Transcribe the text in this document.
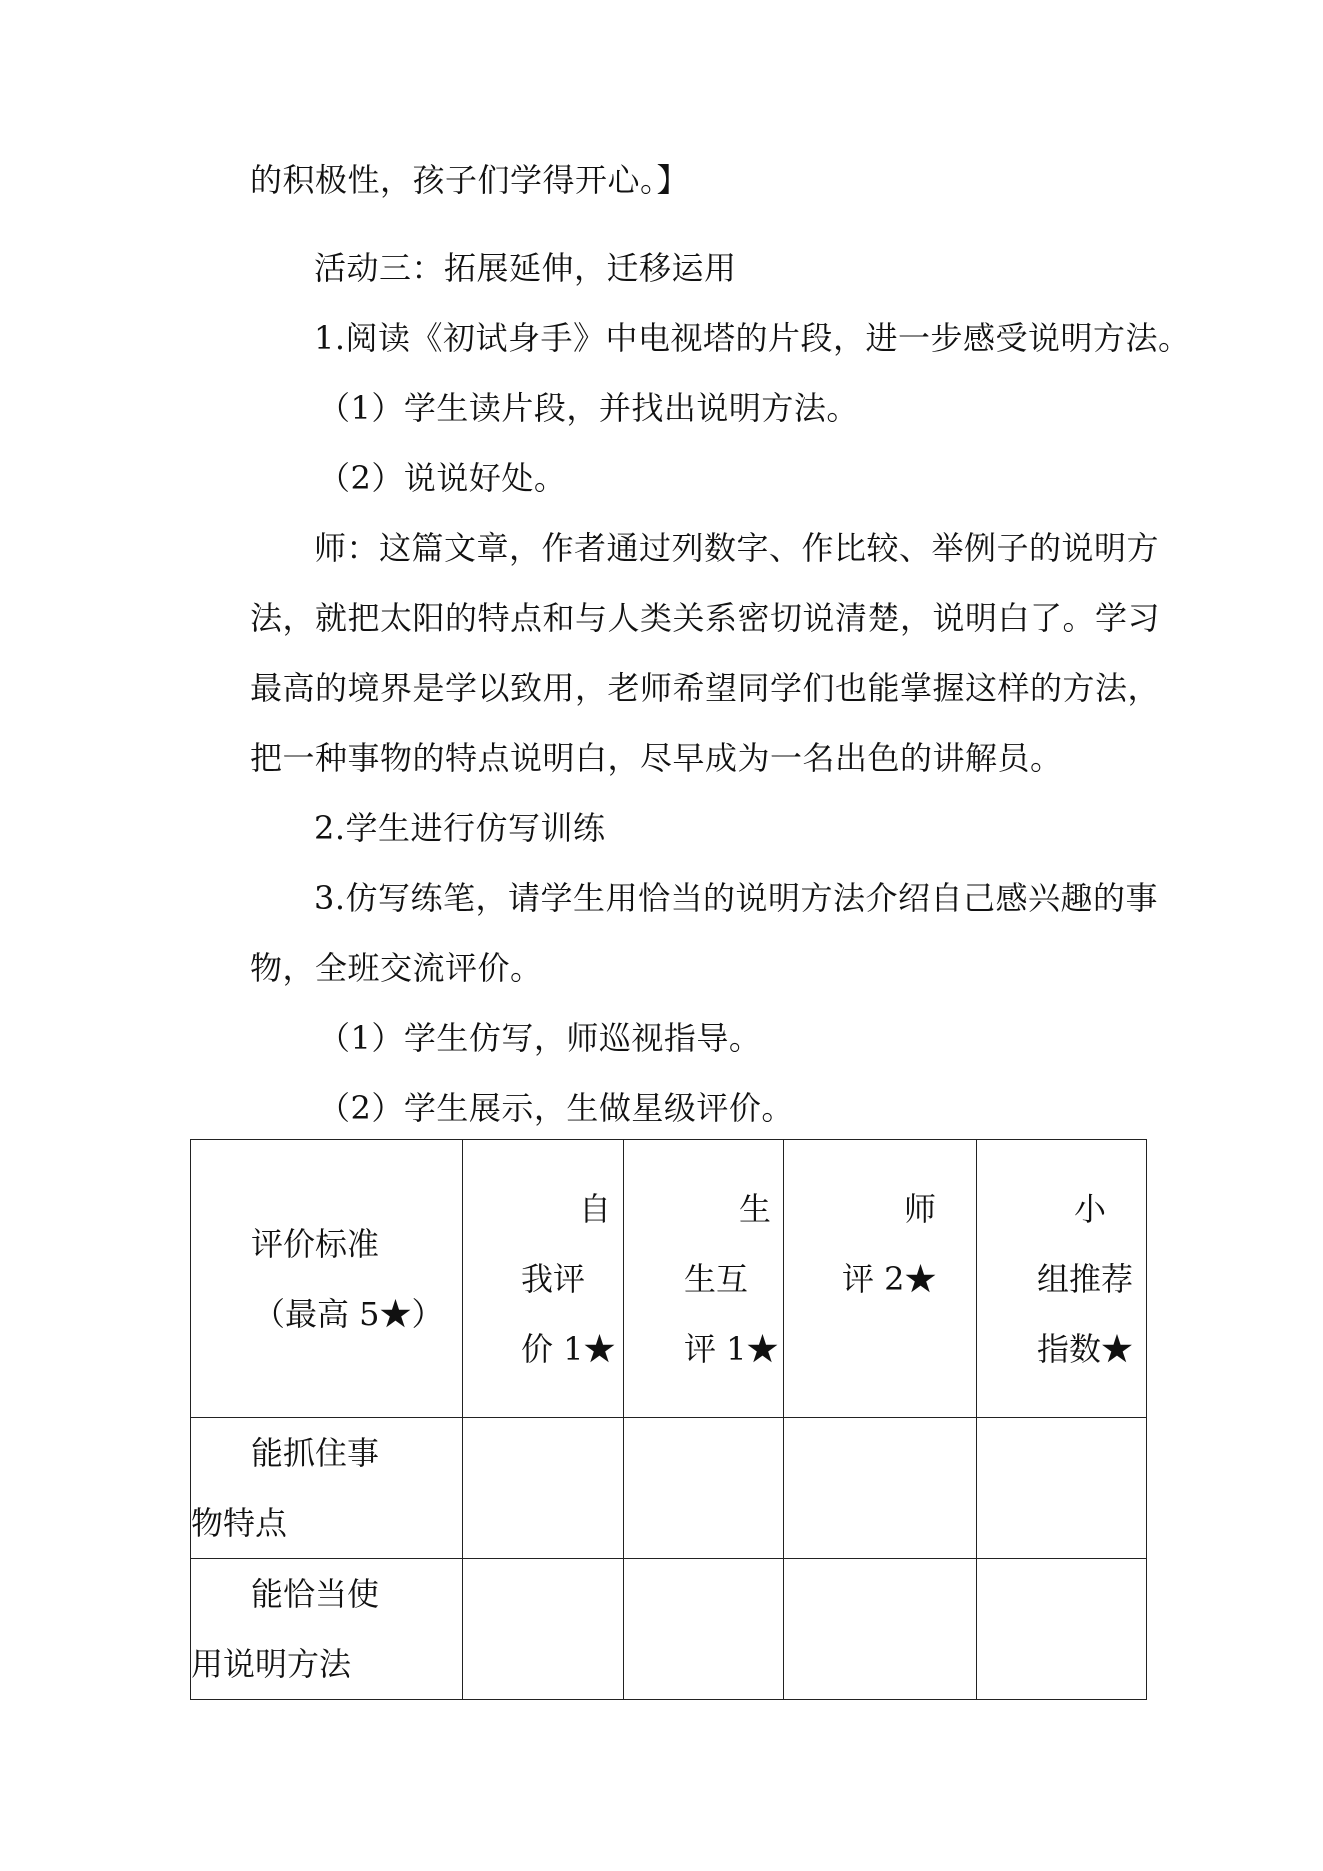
的积极性，孩子们学得开心。】

活动三：拓展延伸，迁移运用

1.阅读《初试身手》中电视塔的片段，进一步感受说明方法。

（1）学生读片段，并找出说明方法。

（2）说说好处。

师：这篇文章，作者通过列数字、作比较、举例子的说明方

法，就把太阳的特点和与人类关系密切说清楚，说明白了。学习

最高的境界是学以致用，老师希望同学们也能掌握这样的方法，

把一种事物的特点说明白，尽早成为一名出色的讲解员。

2.学生进行仿写训练

3.仿写练笔，请学生用恰当的说明方法介绍自己感兴趣的事

物，全班交流评价。

（1）学生仿写，师巡视指导。

（2）学生展示，生做星级评价。

评价标准
（最高 5★）	自
我评
价 1★	生
生互
评 1★	师
评 2★	小
组推荐
指数★

能抓住事
物特点				

能恰当使
用说明方法				
